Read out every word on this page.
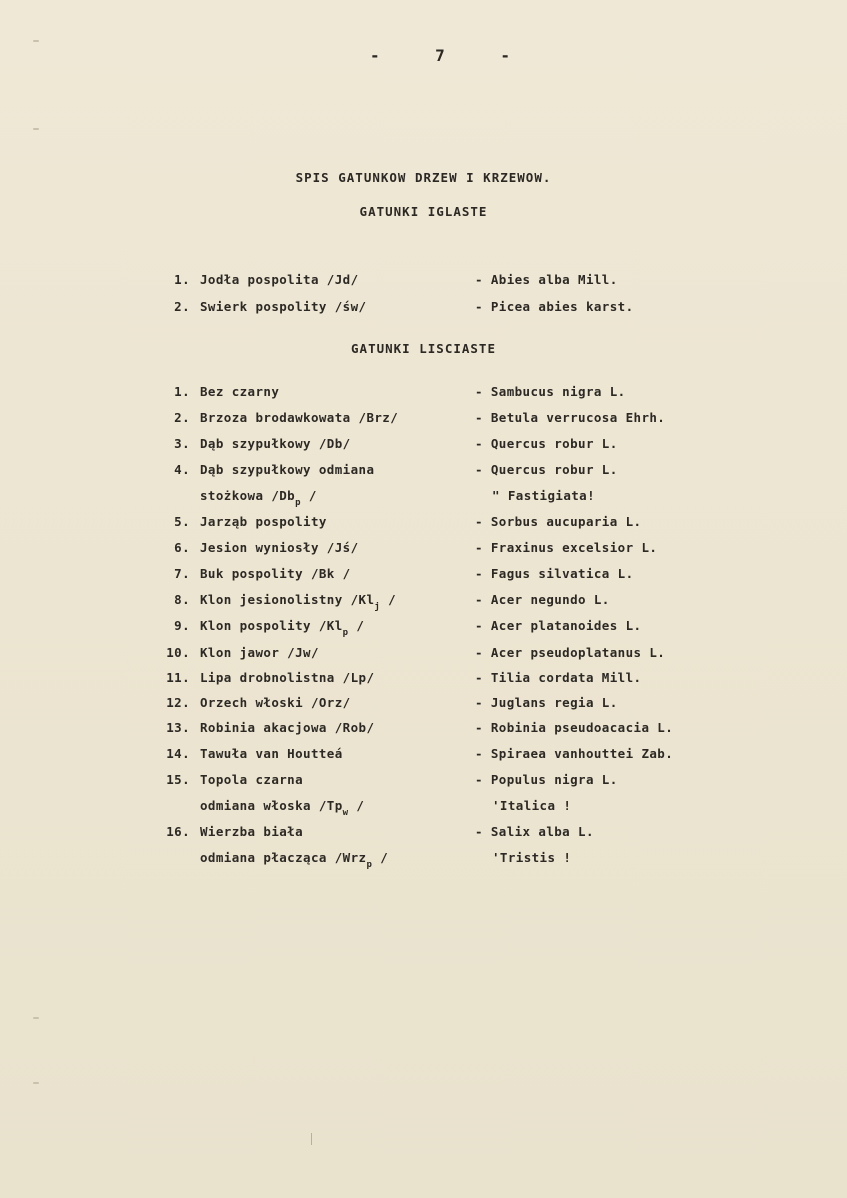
-	7	-
SPIS GATUNKOW DRZEW I KRZEWOW.
GATUNKI IGLASTE
1. Jodła pospolita /Jd/	- Abies alba Mill.
2. Swierk pospolity /św/	- Picea abies karst.
GATUNKI LISCIASTE
1. Bez czarny	- Sambucus nigra L.
2. Brzoza brodawkowata /Brz/	- Betula verrucosa Ehrh.
3. Dąb szypułkowy /Db/	- Quercus robur L.
4. Dąb szypułkowy odmiana	- Quercus robur L.
stożkowa $/Db_p$ /	" Fastigiata!
5. Jarząb pospolity	- Sorbus aucuparia L.
6. Jesion wyniosły /Jś/	- Fraxinus excelsior L.
7. Buk pospolity /Bk /	- Fagus silvatica L.
8. Klon jesionolistny $/Kl_j$ /	- Acer negundo L.
9. Klon pospolity $/Kl_p$ /	- Acer platanoides L.
10. Klon jawor /Jw/	- Acer pseudoplatanus L.
11. Lipa drobnolistna /Lp/	- Tilia cordata Mill.
12. Orzech włoski /Orz/	- Juglans regia L.
13. Robinia akacjowa /Rob/	- Robinia pseudoacacia L.
14. Tawuła van Houtteá	- Spiraea vanhouttei Zab.
15. Topola czarna	- Populus nigra L.
odmiana włoska $/Tp_w$ /	'Italica !
16. Wierzba biała	- Salix alba L.
odmiana płacząca /Wrz$_p$ /	'Tristis !
